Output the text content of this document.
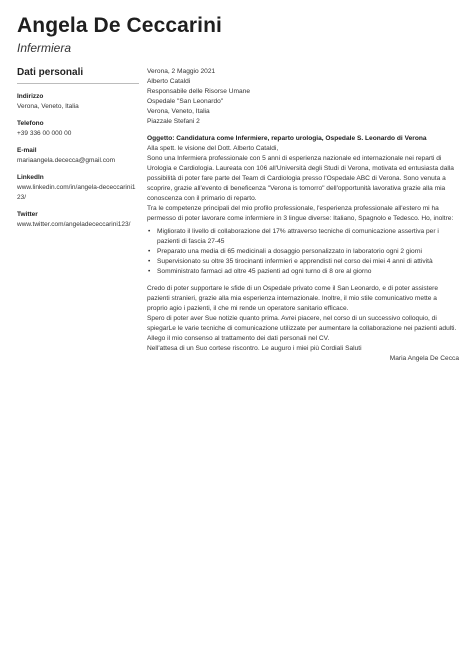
Angela De Ceccarini
Infermiera
Dati personali
Indirizzo
Verona, Veneto, Italia
Telefono
+39 336 00 000 00
E-mail
mariaangela.dececca@gmail.com
LinkedIn
www.linkedin.com/in/angela-dececcarini123/
Twitter
www.twitter.com/angeladececcarini123/

Verona, 2 Maggio 2021

Alberto Cataldi

Responsabile delle Risorse Umane

Ospedale "San Leonardo"

Verona, Veneto, Italia

Piazzale Stefani 2

Oggetto: Candidatura come Infermiere, reparto urologia, Ospedale S. Leonardo di Verona

Alla spett. le visione del Dott. Alberto Cataldi,

Sono una Infermiera professionale con 5 anni di esperienza nazionale ed internazionale nei reparti di Urologia e Cardiologia. Laureata con 106 all'Università degli Studi di Verona, motivata ed entusiasta dalla possibilità di poter fare parte del Team di Cardiologia presso l'Ospedale ABC di Verona. Sono venuta a scoprire, grazie all'evento di beneficenza "Verona is tomorro" dell'opportunità lavorativa grazie alla mia conoscenza con il primario di reparto.

Tra le competenze principali del mio profilo professionale, l'esperienza professionale all'estero mi ha permesso di poter lavorare come infermiere in 3 lingue diverse: Italiano, Spagnolo e Tedesco. Ho, inoltre:

• Migliorato il livello di collaborazione del 17% attraverso tecniche di comunicazione assertiva per i pazienti di fascia 27-45
• Preparato una media di 65 medicinali a dosaggio personalizzato in laboratorio ogni 2 giorni
• Supervisionato su oltre 35 tirocinanti infermieri e apprendisti nel corso dei miei 4 anni di attività
• Somministrato farmaci ad oltre 45 pazienti ad ogni turno di 8 ore al giorno

Credo di poter supportare le sfide di un Ospedale privato come il San Leonardo, e di poter assistere pazienti stranieri, grazie alla mia esperienza internazionale. Inoltre, il mio stile comunicativo mette a proprio agio i pazienti, il che mi rende un operatore sanitario efficace.

Spero di poter aver Sue notizie quanto prima. Avrei piacere, nel corso di un successivo colloquio, di spiegarLe le varie tecniche di comunicazione utilizzate per aumentare la collaborazione nei pazienti adulti. Allego il mio consenso al trattamento dei dati personali nel CV.

Nell'attesa di un Suo cortese riscontro. Le auguro i miei più Cordiali Saluti

Maria Angela De Cecca
